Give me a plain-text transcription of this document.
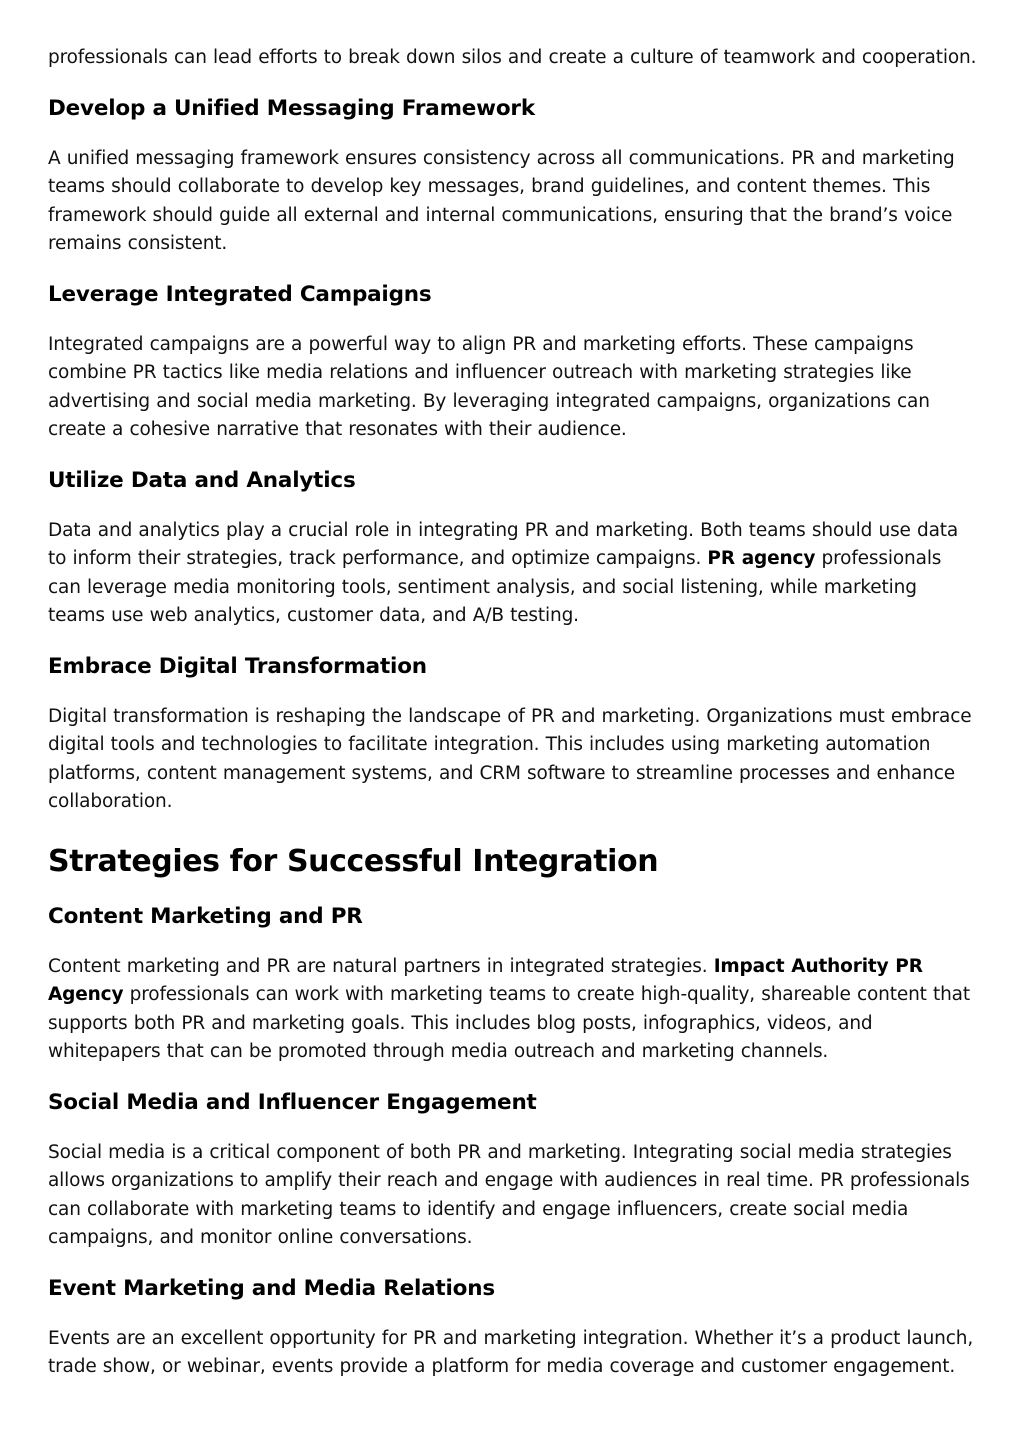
professionals can lead efforts to break down silos and create a culture of teamwork and cooperation.

Develop a Unified Messaging Framework

A unified messaging framework ensures consistency across all communications. PR and marketing teams should collaborate to develop key messages, brand guidelines, and content themes. This framework should guide all external and internal communications, ensuring that the brand’s voice remains consistent.

Leverage Integrated Campaigns

Integrated campaigns are a powerful way to align PR and marketing efforts. These campaigns combine PR tactics like media relations and influencer outreach with marketing strategies like advertising and social media marketing. By leveraging integrated campaigns, organizations can create a cohesive narrative that resonates with their audience.

Utilize Data and Analytics

Data and analytics play a crucial role in integrating PR and marketing. Both teams should use data to inform their strategies, track performance, and optimize campaigns. PR agency professionals can leverage media monitoring tools, sentiment analysis, and social listening, while marketing teams use web analytics, customer data, and A/B testing.

Embrace Digital Transformation

Digital transformation is reshaping the landscape of PR and marketing. Organizations must embrace digital tools and technologies to facilitate integration. This includes using marketing automation platforms, content management systems, and CRM software to streamline processes and enhance collaboration.

Strategies for Successful Integration
Content Marketing and PR

Content marketing and PR are natural partners in integrated strategies. Impact Authority PR Agency professionals can work with marketing teams to create high-quality, shareable content that supports both PR and marketing goals. This includes blog posts, infographics, videos, and whitepapers that can be promoted through media outreach and marketing channels.

Social Media and Influencer Engagement

Social media is a critical component of both PR and marketing. Integrating social media strategies allows organizations to amplify their reach and engage with audiences in real time. PR professionals can collaborate with marketing teams to identify and engage influencers, create social media campaigns, and monitor online conversations.

Event Marketing and Media Relations

Events are an excellent opportunity for PR and marketing integration. Whether it’s a product launch, trade show, or webinar, events provide a platform for media coverage and customer engagement.
